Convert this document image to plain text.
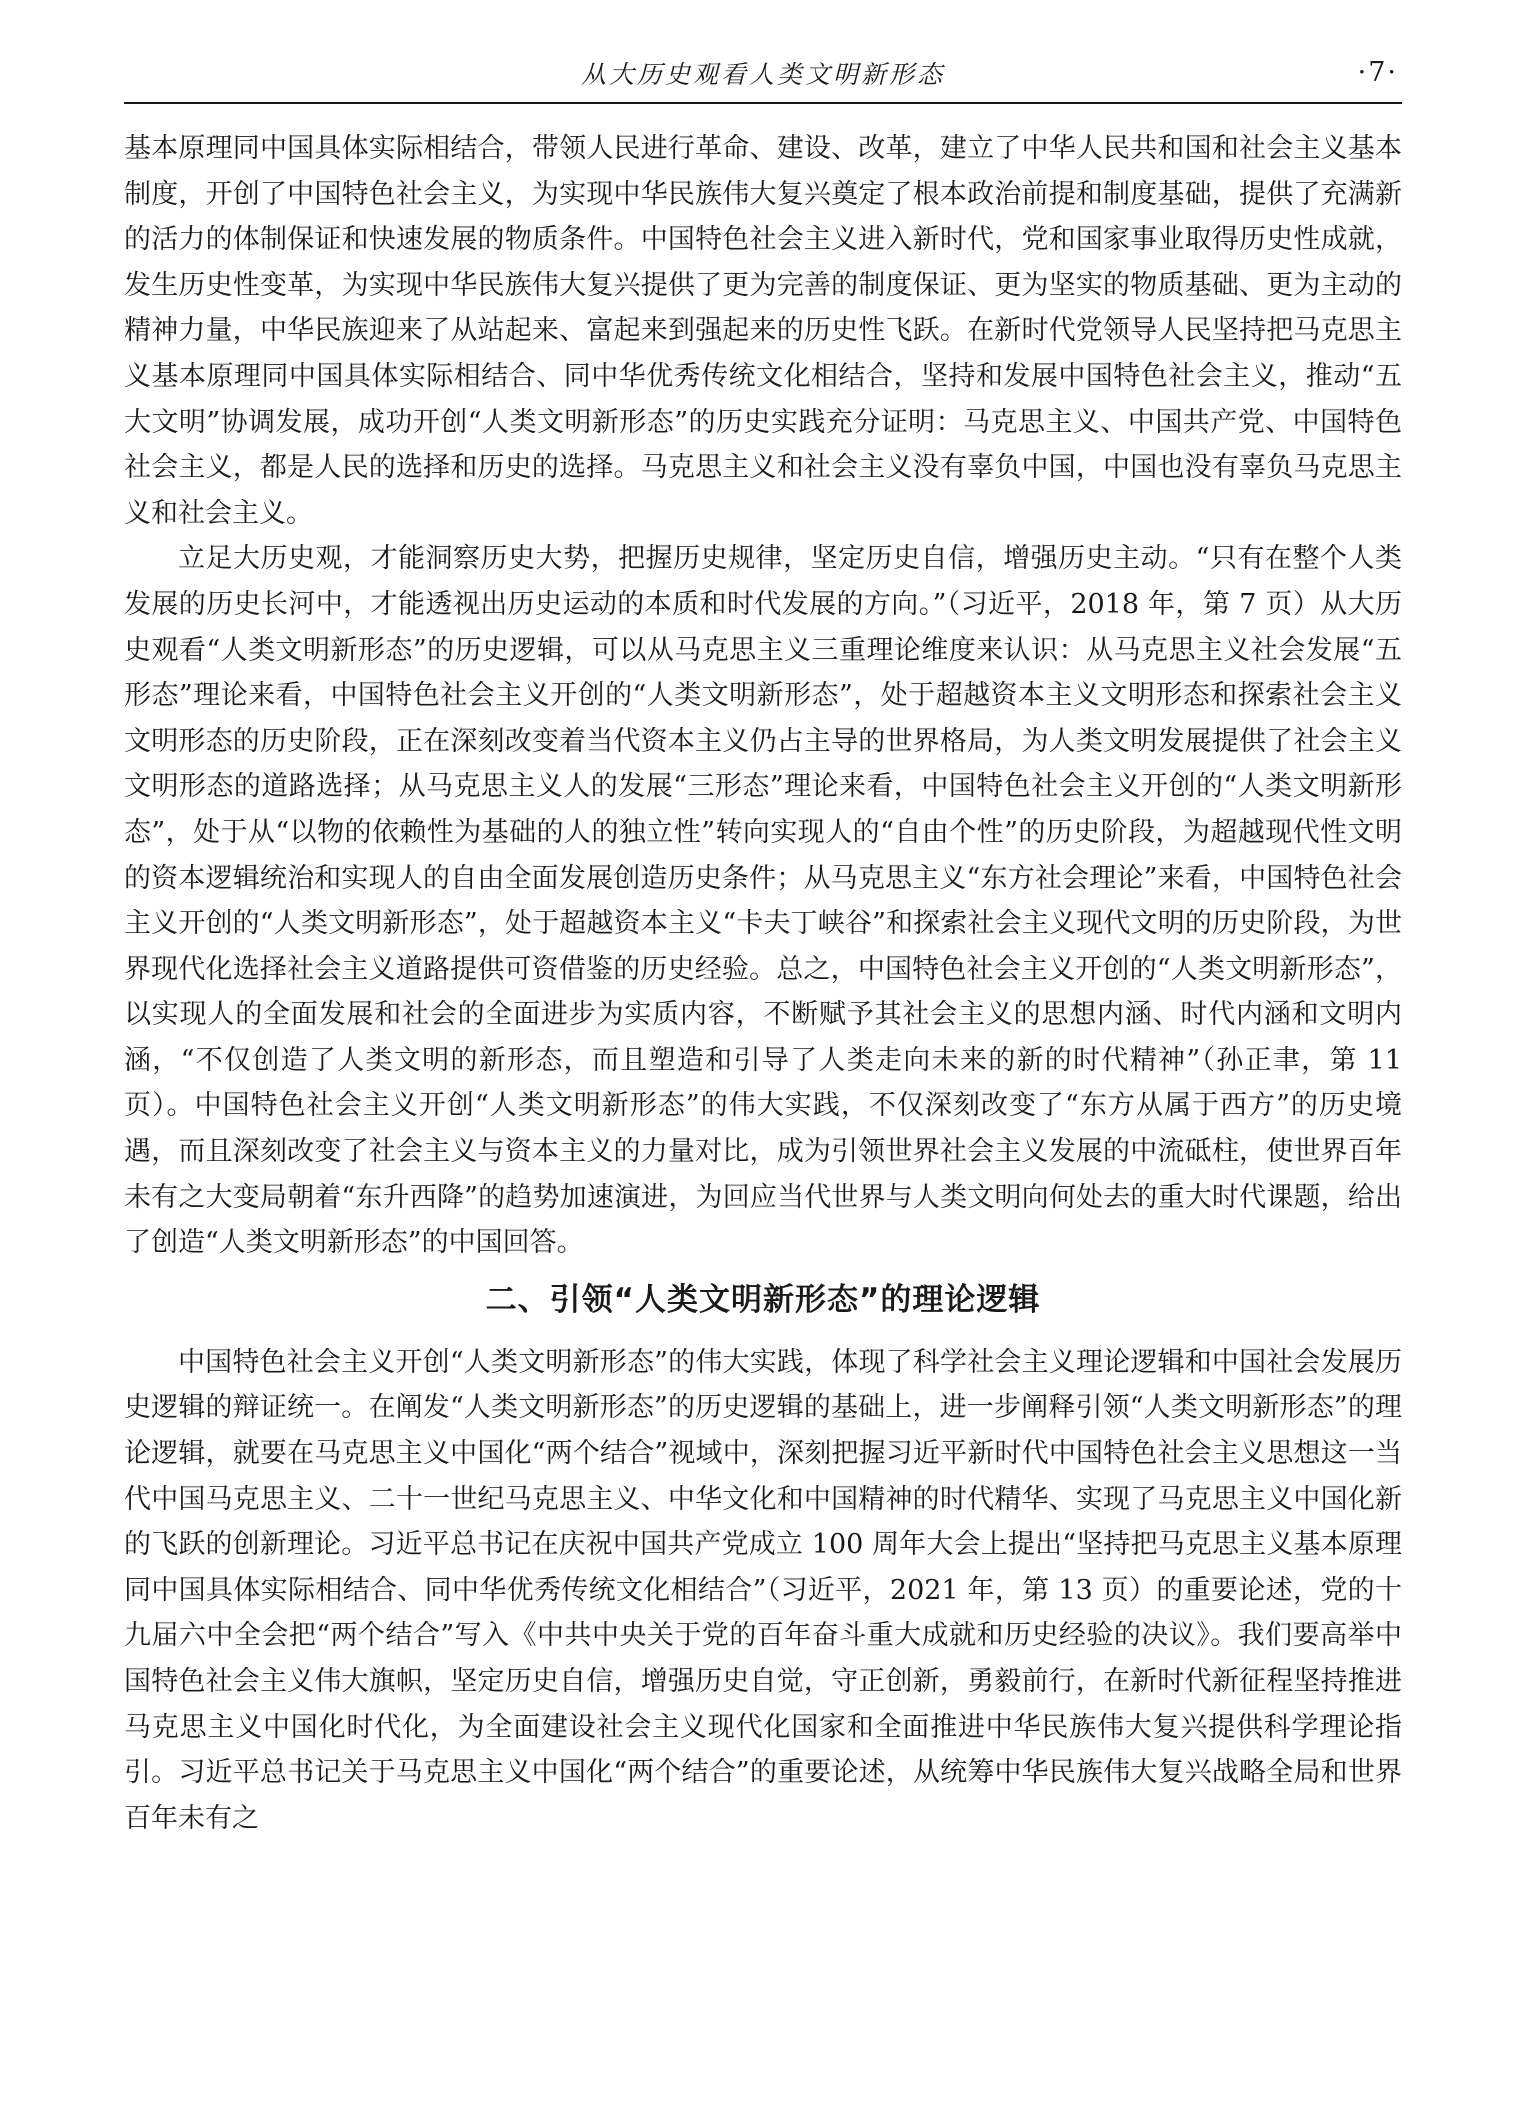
从大历史观看人类文明新形态	·7·

基本原理同中国具体实际相结合，带领人民进行革命、建设、改革，建立了中华人民共和国和社会主义基本制度，开创了中国特色社会主义，为实现中华民族伟大复兴奠定了根本政治前提和制度基础，提供了充满新的活力的体制保证和快速发展的物质条件。中国特色社会主义进入新时代，党和国家事业取得历史性成就，发生历史性变革，为实现中华民族伟大复兴提供了更为完善的制度保证、更为坚实的物质基础、更为主动的精神力量，中华民族迎来了从站起来、富起来到强起来的历史性飞跃。在新时代党领导人民坚持把马克思主义基本原理同中国具体实际相结合、同中华优秀传统文化相结合，坚持和发展中国特色社会主义，推动“五大文明”协调发展，成功开创“人类文明新形态”的历史实践充分证明：马克思主义、中国共产党、中国特色社会主义，都是人民的选择和历史的选择。马克思主义和社会主义没有辜负中国，中国也没有辜负马克思主义和社会主义。

立足大历史观，才能洞察历史大势，把握历史规律，坚定历史自信，增强历史主动。“只有在整个人类发展的历史长河中，才能透视出历史运动的本质和时代发展的方向。”（习近平，2018 年，第 7 页）从大历史观看“人类文明新形态”的历史逻辑，可以从马克思主义三重理论维度来认识：从马克思主义社会发展“五形态”理论来看，中国特色社会主义开创的“人类文明新形态”，处于超越资本主义文明形态和探索社会主义文明形态的历史阶段，正在深刻改变着当代资本主义仍占主导的世界格局，为人类文明发展提供了社会主义文明形态的道路选择；从马克思主义人的发展“三形态”理论来看，中国特色社会主义开创的“人类文明新形态”，处于从“以物的依赖性为基础的人的独立性”转向实现人的“自由个性”的历史阶段，为超越现代性文明的资本逻辑统治和实现人的自由全面发展创造历史条件；从马克思主义“东方社会理论”来看，中国特色社会主义开创的“人类文明新形态”，处于超越资本主义“卡夫丁峡谷”和探索社会主义现代文明的历史阶段，为世界现代化选择社会主义道路提供可资借鉴的历史经验。总之，中国特色社会主义开创的“人类文明新形态”，以实现人的全面发展和社会的全面进步为实质内容，不断赋予其社会主义的思想内涵、时代内涵和文明内涵，“不仅创造了人类文明的新形态，而且塑造和引导了人类走向未来的新的时代精神”（孙正聿，第 11 页）。中国特色社会主义开创“人类文明新形态”的伟大实践，不仅深刻改变了“东方从属于西方”的历史境遇，而且深刻改变了社会主义与资本主义的力量对比，成为引领世界社会主义发展的中流砥柱，使世界百年未有之大变局朝着“东升西降”的趋势加速演进，为回应当代世界与人类文明向何处去的重大时代课题，给出了创造“人类文明新形态”的中国回答。

二、引领“人类文明新形态”的理论逻辑

中国特色社会主义开创“人类文明新形态”的伟大实践，体现了科学社会主义理论逻辑和中国社会发展历史逻辑的辩证统一。在阐发“人类文明新形态”的历史逻辑的基础上，进一步阐释引领“人类文明新形态”的理论逻辑，就要在马克思主义中国化“两个结合”视域中，深刻把握习近平新时代中国特色社会主义思想这一当代中国马克思主义、二十一世纪马克思主义、中华文化和中国精神的时代精华、实现了马克思主义中国化新的飞跃的创新理论。习近平总书记在庆祝中国共产党成立 100 周年大会上提出“坚持把马克思主义基本原理同中国具体实际相结合、同中华优秀传统文化相结合”（习近平，2021 年，第 13 页）的重要论述，党的十九届六中全会把“两个结合”写入《中共中央关于党的百年奋斗重大成就和历史经验的决议》。我们要高举中国特色社会主义伟大旗帜，坚定历史自信，增强历史自觉，守正创新，勇毅前行，在新时代新征程坚持推进马克思主义中国化时代化，为全面建设社会主义现代化国家和全面推进中华民族伟大复兴提供科学理论指引。习近平总书记关于马克思主义中国化“两个结合”的重要论述，从统筹中华民族伟大复兴战略全局和世界百年未有之
